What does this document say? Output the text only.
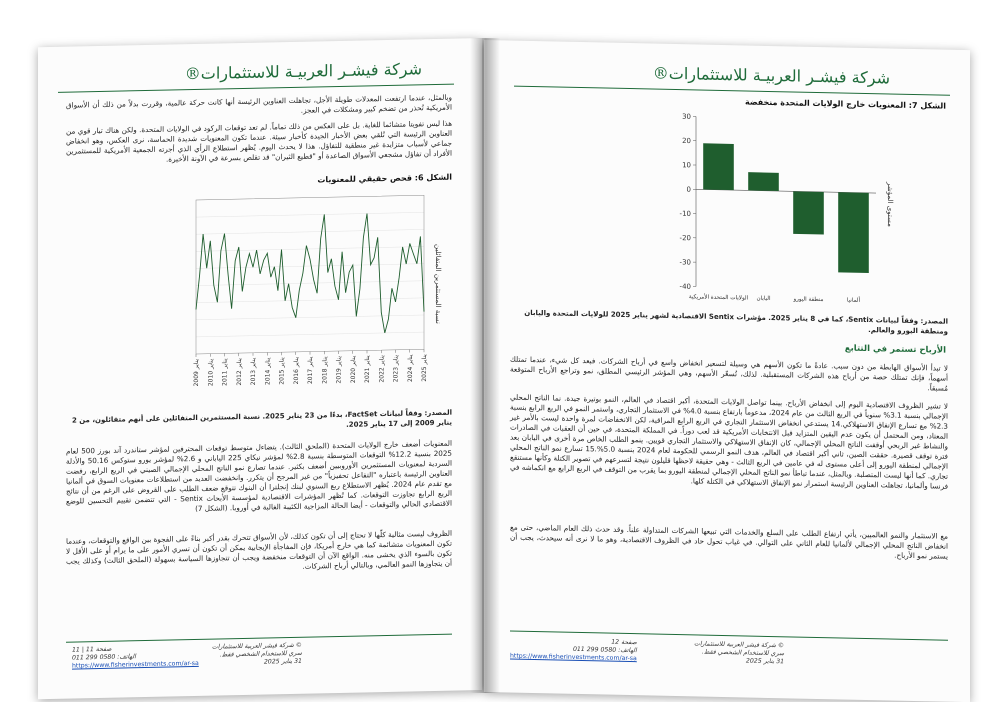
شركة فيشـر العربيـة للاستثمارات®
وبالمثل، عندما ارتفعت المعدلات طويلة الأجل، تجاهلت العناوين الرئيسة أنها كانت حركة عالمية، وقررت بدلاً من ذلك أن الأسواق الأمريكية تُحذر من تضخم كبير ومشكلات في العجز.
هذا ليس تفويتا متشائما للغاية. بل على العكس من ذلك تماماً. لم تعد توقعات الركود في الولايات المتحدة. ولكن هناك تيار قوي من العناوين الرئيسة التي تُلقي بعض الأخبار الجيدة كأخبار سيئة. عندما تكون المعنويات شديدة الحماسة، نرى العكس، وهو انخفاض جماعي لأسباب متزايدة غير منطقية للتفاؤل. هذا لا يحدث اليوم. يُظهر استطلاع الرأي الذي أجرته الجمعية الأمريكية للمستثمرين الأفراد أن تفاؤل مشجعي الأسواق الصاعدة أو "قطيع الثيران" قد تقلص بسرعة في الآونة الأخيرة.
الشكل 6: قحص حقيقي للمعنويات
يناير 2009
يناير 2010
يناير 2011
يناير 2012
يناير 2013
يناير 2014
يناير 2015
يناير 2016
يناير 2017
يناير 2018
يناير 2019
يناير 2020
يناير 2021
يناير 2022
يناير 2023
يناير 2024
يناير 2025
نسبة المستثمرين المتفائلين
المصدر: وفقاً لبيانات FactSet، بدءًا من 23 يناير 2025. نسبة المستثمرين المتفائلين على أنهم متفائلون، من 2 يناير 2009 إلى 17 يناير 2025.
المعنويات أضعف خارج الولايات المتحدة (الملحق الثالث). يتضاءل متوسط توقعات المحترفين لمؤشر ستاندرد آند بورز 500 لعام 2025 بنسبة 12.2% التوقعات المتوسطة بنسبة 2.8% لمؤشر نيكاي 225 الياباني و 2.6% لمؤشر يورو ستوكس 50.16 والأدلة السردية لمعنويات المستثمرين الأوروبيين أضعف بكثير. عندما تصارع نمو الناتج المحلي الإجمالي الصيني في الربع الرابع، رفضت العناوين الرئيسة باعتباره "التفاعل تحفيزياً" من غير المرجح أن يتكرر. وانخفضت العديد من استطلاعات معنويات السوق في ألمانيا مع تقدم عام 2024. يُظهر الاستطلاع ربع السنوي لبنك إنجلترا أن البنوك تتوقع ضعف الطلب على القروض على الرغم من أن نتائج الربع الرابع تجاوزت التوقعات. كما تُظهر المؤشرات الاقتصادية لمؤسسة الأبحاث Sentix - التي تتضمن تقييم التحسين للوضع الاقتصادي الحالي والتوقعات - أيضا الحالة المزاجية الكئيبة الغالبة في أوروبا. (الشكل 7)
الظروف ليست مثالية كلّها لا تحتاج إلى أن تكون كذلك، لأن الأسواق تتحرك بقدر أكبر بناءً على الفجوة بين الواقع والتوقعات، وعندما تكون المعنويات متشائمة كما هي خارج أمريكا، فإن المفاجأة الإيجابية يمكن أن تكون أن تسري الأمور على ما يرام أو على الأقل لا تكون بالسوء الذي يخشى منه. الواقع الآن أن التوقعات منخفضة ويجب أن تتجاوزها السياسة بسهولة (الملحق الثالث) وكذلك يجب أن يتجاوزها النمو العالمي، وبالتالي أرباح الشركات.
صفحة 11 | 11
الهاتف: 0580 299 011
https://www.fisherinvestments.com/ar-sa
© شركة فيشر العربية للاستثمارات
سري للاستخدام الشخصي فقط.
31 يناير 2025
شركة فيشـر العربيـة للاستثمارات®
الشكل 7: المعنويات خارج الولايات المتحدة منخفضة
-40
-30
-20
-10
0
10
20
30
الولايات المتحدة الأمريكية اليابان	منطقة اليورو	ألمانيا
مستوى المؤشر
المصدر: وفقاً لبيانات Sentix، كما في 8 يناير 2025. مؤشرات Sentix الاقتصادية لشهر يناير 2025 للولايات المتحدة واليابان ومنطقة اليورو والعالم.
الأرباح تستمر في التتابع
لا تبدأ الأسواق الهابطة من دون سبب. عادةً ما تكون الأسهم هي وسيلة لتسعير انخفاض واسع في أرباح الشركات. فبعد كل شيء، عندما تمتلك أسهماً، فإنك تمتلك حصة من أرباح هذه الشركات المستقبلية. لذلك، تُسعّر الأسهم، وهي المؤشر الرئيسي المطلق، نمو وتراجع الأرباح المتوقعة مُسبقاً.
لا تشير الظروف الاقتصادية اليوم إلى انخفاض الأرباح. بينما تواصل الولايات المتحدة، أكبر اقتصاد في العالم، النمو بوتيرة جيدة. نما الناتج المحلي الإجمالي بنسبة 3.1% سنوياً في الربع الثالث من عام 2024، مدعوماً بارتفاع بنسبة 4.0% في الاستثمار التجاري، واستمر النمو في الربع الرابع بنسبة 2.3% مع تسارع الإنفاق الاستهلاكي.14 يستدعي انخفاض الاستثمار التجاري في الربع الرابع المراقبة، لكن الانخفاضات لمرة واحدة ليست بالأمر غير المعتاد، ومن المحتمل أن يكون عدم اليقين المتزايد قبل الانتخابات الأمريكية قد لعب دوراً. في المملكة المتحدة، في حين أن العقبات في الصادرات والنشاط غير الربحي أوقفت الناتج المحلي الإجمالي، كان الإنفاق الاستهلاكي والاستثمار التجاري قويين. ينمو الطلب الخاص مرة أخرى في اليابان بعد فترة توقف قصيرة. حققت الصين، ثاني أكبر اقتصاد في العالم، هدف النمو الرسمي للحكومة لعام 2024 بنسبة 5.0%.15 تسارع نمو الناتج المحلي الإجمالي لمنطقة اليورو إلى أعلى مستوى له في عامين في الربع الثالث - وهي حقيقة لاحظها قليلون نتيجة لتسرعهم في تصوير الكتلة وكأنها مستنقع تجاري. كما أنها ليست المتصلبة. وبالمثل، عندما تباطأ نمو الناتج المحلي الإجمالي لمنطقة اليورو بما يقرب من التوقف في الربع الرابع مع انكماشه في فرنسا وألمانيا، تجاهلت العناوين الرئيسة استمرار نمو الإنفاق الاستهلاكي في الكتلة كلها.
مع الاستثمار والنمو العالميين، يأتي ارتفاع الطلب على السلع والخدمات التي تبيعها الشركات المتداولة علناً. وقد حدث ذلك العام الماضي، حتى مع انخفاض الناتج المحلي الإجمالي لألمانيا للعام الثاني على التوالي. في غياب تحول حاد في الظروف الاقتصادية، وهو ما لا نرى أنه سيحدث، يجب أن يستمر نمو الأرباح.
© شركة فيشر العربية للاستثمارات
سري للاستخدام الشخصي فقط.
31 يناير 2025
صفحة 12
الهاتف: 0580 299 011
https://www.fisherinvestments.com/ar-sa
